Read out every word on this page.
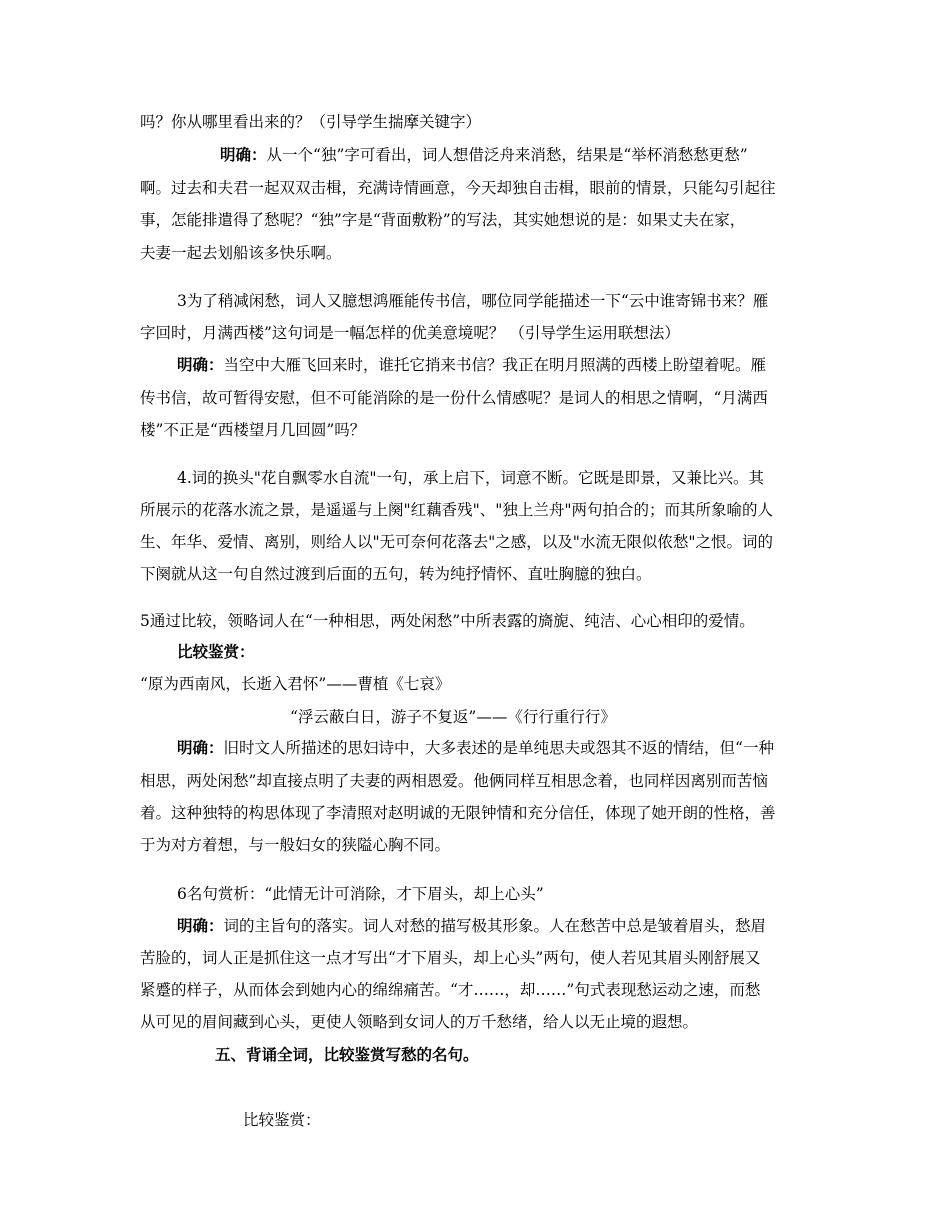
吗？你从哪里看出来的？（引导学生揣摩关键字）
明确：从一个“独”字可看出，词人想借泛舟来消愁，结果是“举杯消愁愁更愁”
啊。过去和夫君一起双双击楫，充满诗情画意，今天却独自击楫，眼前的情景，只能勾引起往
事，怎能排遣得了愁呢？“独”字是“背面敷粉”的写法，其实她想说的是：如果丈夫在家，
夫妻一起去划船该多快乐啊。
3为了稍减闲愁，词人又臆想鸿雁能传书信，哪位同学能描述一下“云中谁寄锦书来？雁
字回时，月满西楼”这句词是一幅怎样的优美意境呢？ （引导学生运用联想法）
明确：当空中大雁飞回来时，谁托它捎来书信？我正在明月照满的西楼上盼望着呢。雁
传书信，故可暂得安慰，但不可能消除的是一份什么情感呢？是词人的相思之情啊，“月满西
楼”不正是“西楼望月几回圆”吗？
4.词的换头"花自飘零水自流"一句，承上启下，词意不断。它既是即景，又兼比兴。其
所展示的花落水流之景，是遥遥与上阕"红藕香残"、"独上兰舟"两句拍合的；而其所象喻的人
生、年华、爱情、离别，则给人以"无可奈何花落去"之感，以及"水流无限似侬愁"之恨。词的
下阕就从这一句自然过渡到后面的五句，转为纯抒情怀、直吐胸臆的独白。
5通过比较，领略词人在“一种相思，两处闲愁”中所表露的旖旎、纯洁、心心相印的爱情。
比较鉴赏：
“原为西南风，长逝入君怀”——曹植《七哀》
“浮云蔽白日，游子不复返”——《行行重行行》
明确：旧时文人所描述的思妇诗中，大多表述的是单纯思夫或怨其不返的情结，但“一种
相思，两处闲愁”却直接点明了夫妻的两相恩爱。他俩同样互相思念着，也同样因离别而苦恼
着。这种独特的构思体现了李清照对赵明诚的无限钟情和充分信任，体现了她开朗的性格，善
于为对方着想，与一般妇女的狭隘心胸不同。
6名句赏析：“此情无计可消除，才下眉头，却上心头”
明确：词的主旨句的落实。词人对愁的描写极其形象。人在愁苦中总是皱着眉头，愁眉
苦脸的，词人正是抓住这一点才写出“才下眉头，却上心头”两句，使人若见其眉头刚舒展又
紧蹙的样子，从而体会到她内心的绵绵痛苦。“才……，却……”句式表现愁运动之速，而愁
从可见的眉间藏到心头，更使人领略到女词人的万千愁绪，给人以无止境的遐想。
五、背诵全词，比较鉴赏写愁的名句。
比较鉴赏：
